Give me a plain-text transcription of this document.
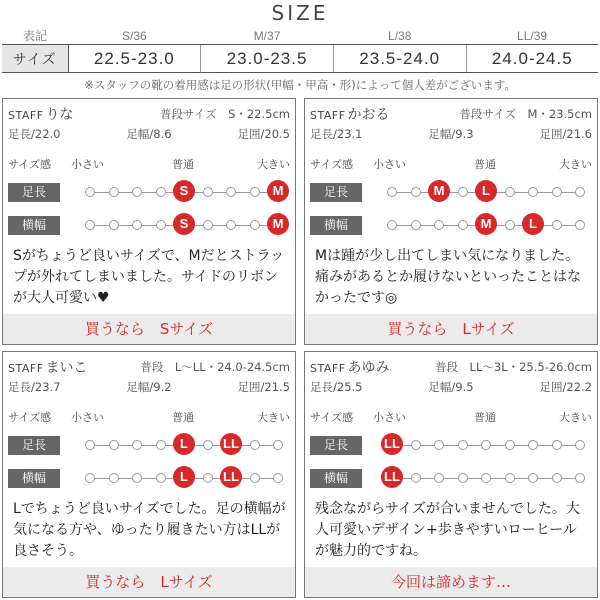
SIZE
表記	S/36	M/37	L/38	LL/39
サイズ	22.5-23.0	23.0-23.5	23.5-24.0	24.0-24.5
※スタッフの靴の着用感は足の形状(甲幅・甲高・形)によって個人差がございます。
STAFF りな	普段サイズ　S・22.5cm
足長/22.0	足幅/8.6	足囲/20.5
サイズ感 小さい	普通	大きい
足長	S	M
横幅	S	M
Sがちょうど良いサイズで、Mだとストラップが外れてしまいました。サイドのリボンが大人可愛い♥
買うなら　Sサイズ
STAFF かおる	普段サイズ　M・23.5cm
足長/23.1	足幅/9.3	足囲/21.6
サイズ感 小さい	普通	大きい
足長	M	L
横幅	M	L
Mは踵が少し出てしまい気になりました。痛みがあるとか履けないといったことはなかったです◎
買うなら　Lサイズ
STAFF まいこ	普段　L～LL・24.0-24.5cm
足長/23.7	足幅/9.2	足囲/21.5
サイズ感 小さい	普通	大きい
足長	L	LL
横幅	L	LL
Lでちょうど良いサイズでした。足の横幅が気になる方や、ゆったり履きたい方はLLが良さそう。
買うなら　Lサイズ
STAFF あゆみ	普段　LL～3L・25.5-26.0cm
足長/25.5	足幅/9.5	足囲/22.2
サイズ感 小さい	普通	大きい
足長	LL
横幅	LL
残念ながらサイズが合いませんでした。大人可愛いデザイン+歩きやすいローヒールが魅力的ですね。
今回は諦めます…
